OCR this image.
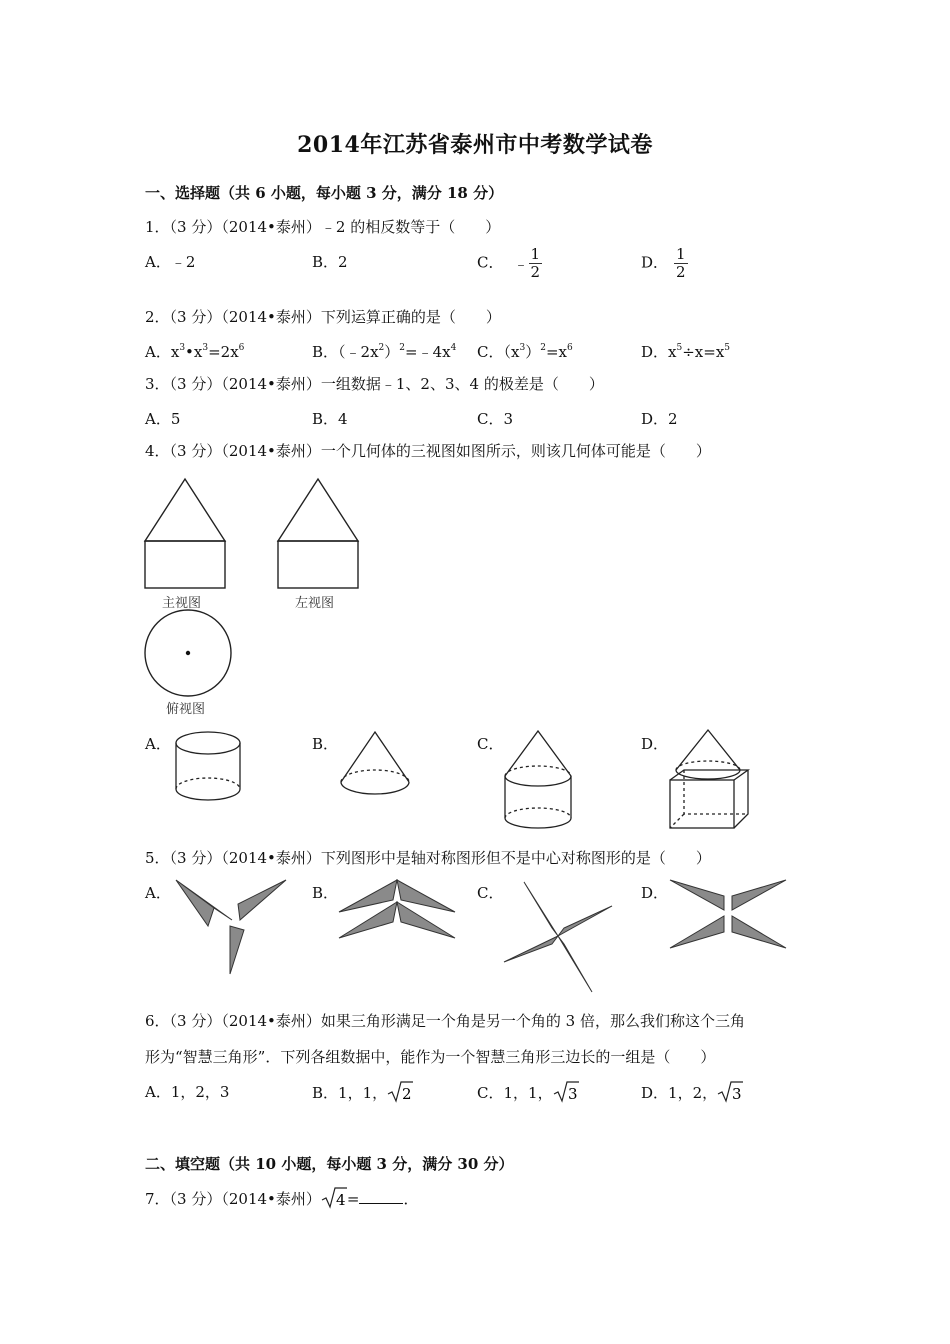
2014年江苏省泰州市中考数学试卷
一、选择题（共 6 小题，每小题 3 分，满分 18 分）
1．（3 分）（2014•泰州）﹣2 的相反数等于（　　）
A．﹣2	B．2	C． ﹣ $\frac{1}{2}$	D． $\frac{1}{2}$
2．（3 分）（2014•泰州）下列运算正确的是（　　）
A．$x^3•x^3=2x^6$	B．$(﹣2x^2)^2=﹣4x^4$ C．$(x^3)^2=x^6$	D．$x^5\div x=x^5$
3．（3 分）（2014•泰州）一组数据﹣1、2、3、4 的极差是（　　）
A．5	B．4	C．3	D．2
4．（3 分）（2014•泰州）一个几何体的三视图如图所示，则该几何体可能是（　　）
主视图	左视图
俯视图
A．	B．	C．	D．
5．（3 分）（2014•泰州）下列图形中是轴对称图形但不是中心对称图形的是（　　）
A．	B．	C．	D．
6．（3 分）（2014•泰州）如果三角形满足一个角是另一个角的 3 倍，那么我们称这个三角
形为“智慧三角形”．下列各组数据中，能作为一个智慧三角形三边长的一组是（　　）
A．1，2，3	B．1，1， 2	C．1，1， 3	D．1，2， 3
二、填空题（共 10 小题，每小题 3 分，满分 30 分）
7．（3 分）（2014•泰州） 4 =	．
